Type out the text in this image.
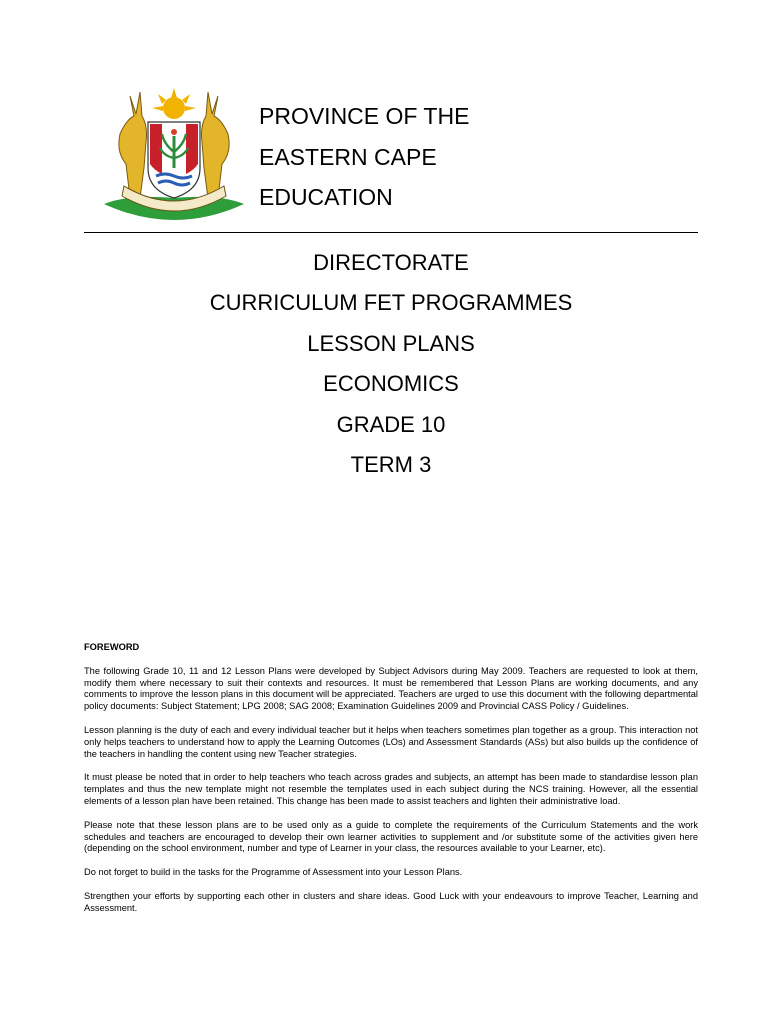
PROVINCE OF THE
EASTERN CAPE
EDUCATION
DIRECTORATE
CURRICULUM FET PROGRAMMES
LESSON PLANS
ECONOMICS
GRADE 10
TERM 3
FOREWORD

The following Grade 10, 11 and 12 Lesson Plans were developed by Subject Advisors during May 2009. Teachers are requested to look at them, modify them where necessary to suit their contexts and resources. It must be remembered that Lesson Plans are working documents, and any comments to improve the lesson plans in this document will be appreciated. Teachers are urged to use this document with the following departmental policy documents: Subject Statement; LPG 2008; SAG 2008; Examination Guidelines 2009 and Provincial CASS Policy / Guidelines.

Lesson planning is the duty of each and every individual teacher but it helps when teachers sometimes plan together as a group. This interaction not only helps teachers to understand how to apply the Learning Outcomes (LOs) and Assessment Standards (ASs) but also builds up the confidence of the teachers in handling the content using new Teacher strategies.

It must please be noted that in order to help teachers who teach across grades and subjects, an attempt has been made to standardise lesson plan templates and thus the new template might not resemble the templates used in each subject during the NCS training. However, all the essential elements of a lesson plan have been retained. This change has been made to assist teachers and lighten their administrative load.

Please note that these lesson plans are to be used only as a guide to complete the requirements of the Curriculum Statements and the work schedules and teachers are encouraged to develop their own learner activities to supplement and /or substitute some of the activities given here (depending on the school environment, number and type of Learner in your class, the resources available to your Learner, etc).

Do not forget to build in the tasks for the Programme of Assessment into your Lesson Plans.

Strengthen your efforts by supporting each other in clusters and share ideas. Good Luck with your endeavours to improve Teacher, Learning and Assessment.
